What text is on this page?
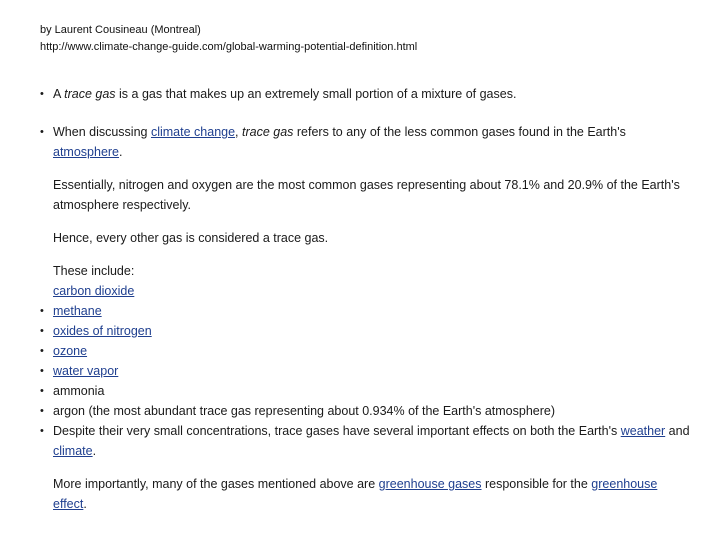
by Laurent Cousineau (Montreal)
http://www.climate-change-guide.com/global-warming-potential-definition.html
• A trace gas is a gas that makes up an extremely small portion of a mixture of gases.
• When discussing climate change, trace gas refers to any of the less common gases found in the Earth's atmosphere.
Essentially, nitrogen and oxygen are the most common gases representing about 78.1% and 20.9% of the Earth's atmosphere respectively.
Hence, every other gas is considered a trace gas.
These include:
carbon dioxide
• methane
• oxides of nitrogen
• ozone
• water vapor
• ammonia
• argon (the most abundant trace gas representing about 0.934% of the Earth's atmosphere)
• Despite their very small concentrations, trace gases have several important effects on both the Earth's weather and climate.
More importantly, many of the gases mentioned above are greenhouse gases responsible for the greenhouse effect.
